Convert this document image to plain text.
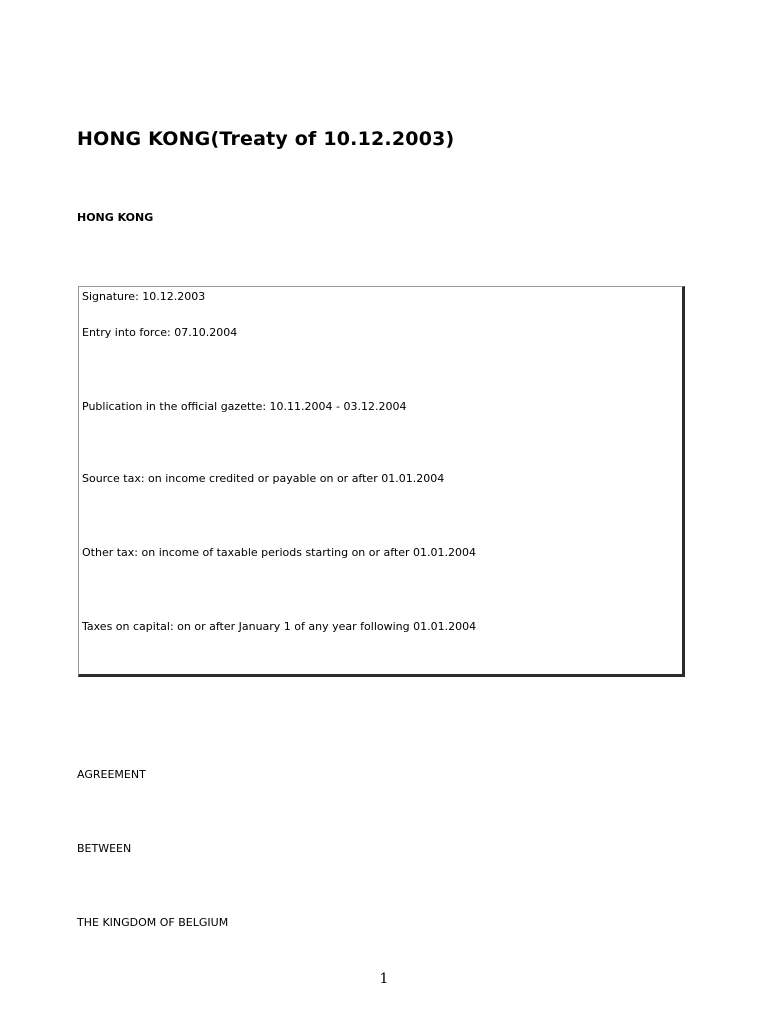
HONG KONG(Treaty of 10.12.2003)
HONG KONG
Signature: 10.12.2003
Entry into force: 07.10.2004
Publication in the official gazette: 10.11.2004 - 03.12.2004
Source tax: on income credited or payable on or after 01.01.2004
Other tax: on income of taxable periods starting on or after 01.01.2004
Taxes on capital: on or after January 1 of any year following 01.01.2004
AGREEMENT
BETWEEN
THE KINGDOM OF BELGIUM
1
